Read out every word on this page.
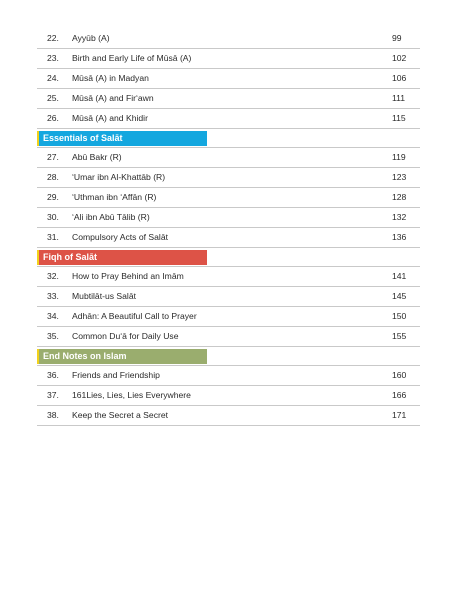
22. Ayyūb (A)	99
23. Birth and Early Life of Mūsā (A)	102
24. Mūsā (A) in Madyan	106
25. Mūsā (A) and Fir‘awn	111
26. Mūsā (A) and Khidir	115
Essentials of Salāt
27. Abū Bakr (R)	119
28. ‘Umar ibn Al-Khattāb (R)	123
29. ‘Uthman ibn ‘Affān (R)	128
30. ‘Ali ibn Abū Tālib (R)	132
31. Compulsory Acts of Salāt	136
Fiqh of Salāt
32. How to Pray Behind an Imām	141
33. Mubtilāt-us Salāt	145
34. Adhān: A Beautiful Call to Prayer	150
35. Common Du‘ā for Daily Use	155
End Notes on Islam
36. Friends and Friendship	160
37. 161Lies, Lies, Lies Everywhere	166
38. Keep the Secret a Secret	171
